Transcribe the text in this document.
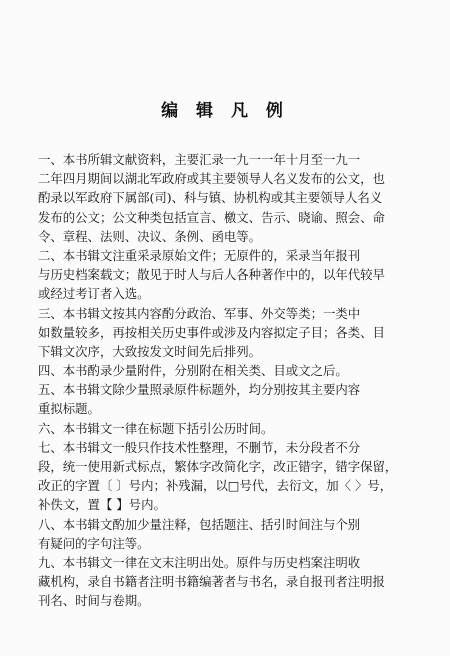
编 辑 凡 例
一、本书所辑文献资料，主要汇录一九一一年十月至一九一
二年四月期间以湖北军政府或其主要领导人名义发布的公文，也
酌录以军政府下属部(司)、科与镇、协机构或其主要领导人名义
发布的公文；公文种类包括宣言、檄文、告示、晓谕、照会、命
令、章程、法则、决议、条例、函电等。
二、本书辑文注重采录原始文件；无原件的，采录当年报刊
与历史档案载文；散见于时人与后人各种著作中的，以年代较早
或经过考订者入选。
三、本书辑文按其内容酌分政治、军事、外交等类；一类中
如数量较多，再按相关历史事件或涉及内容拟定子目；各类、目
下辑文次序，大致按发文时间先后排列。
四、本书酌录少量附件，分别附在相关类、目或文之后。
五、本书辑文除少量照录原件标题外，均分别按其主要内容
重拟标题。
六、本书辑文一律在标题下括引公历时间。
七、本书辑文一般只作技术性整理，不删节，未分段者不分
段，统一使用新式标点，繁体字改简化字，改正错字，错字保留，
改正的字置〔 〕号内；补残漏，以□号代，去衍文，加〈 〉号，
补佚文，置【 】号内。
八、本书辑文酌加少量注释，包括题注、括引时间注与个别
有疑问的字句注等。
九、本书辑文一律在文末注明出处。原件与历史档案注明收
藏机构，录自书籍者注明书籍编著者与书名，录自报刊者注明报
刊名、时间与卷期。
